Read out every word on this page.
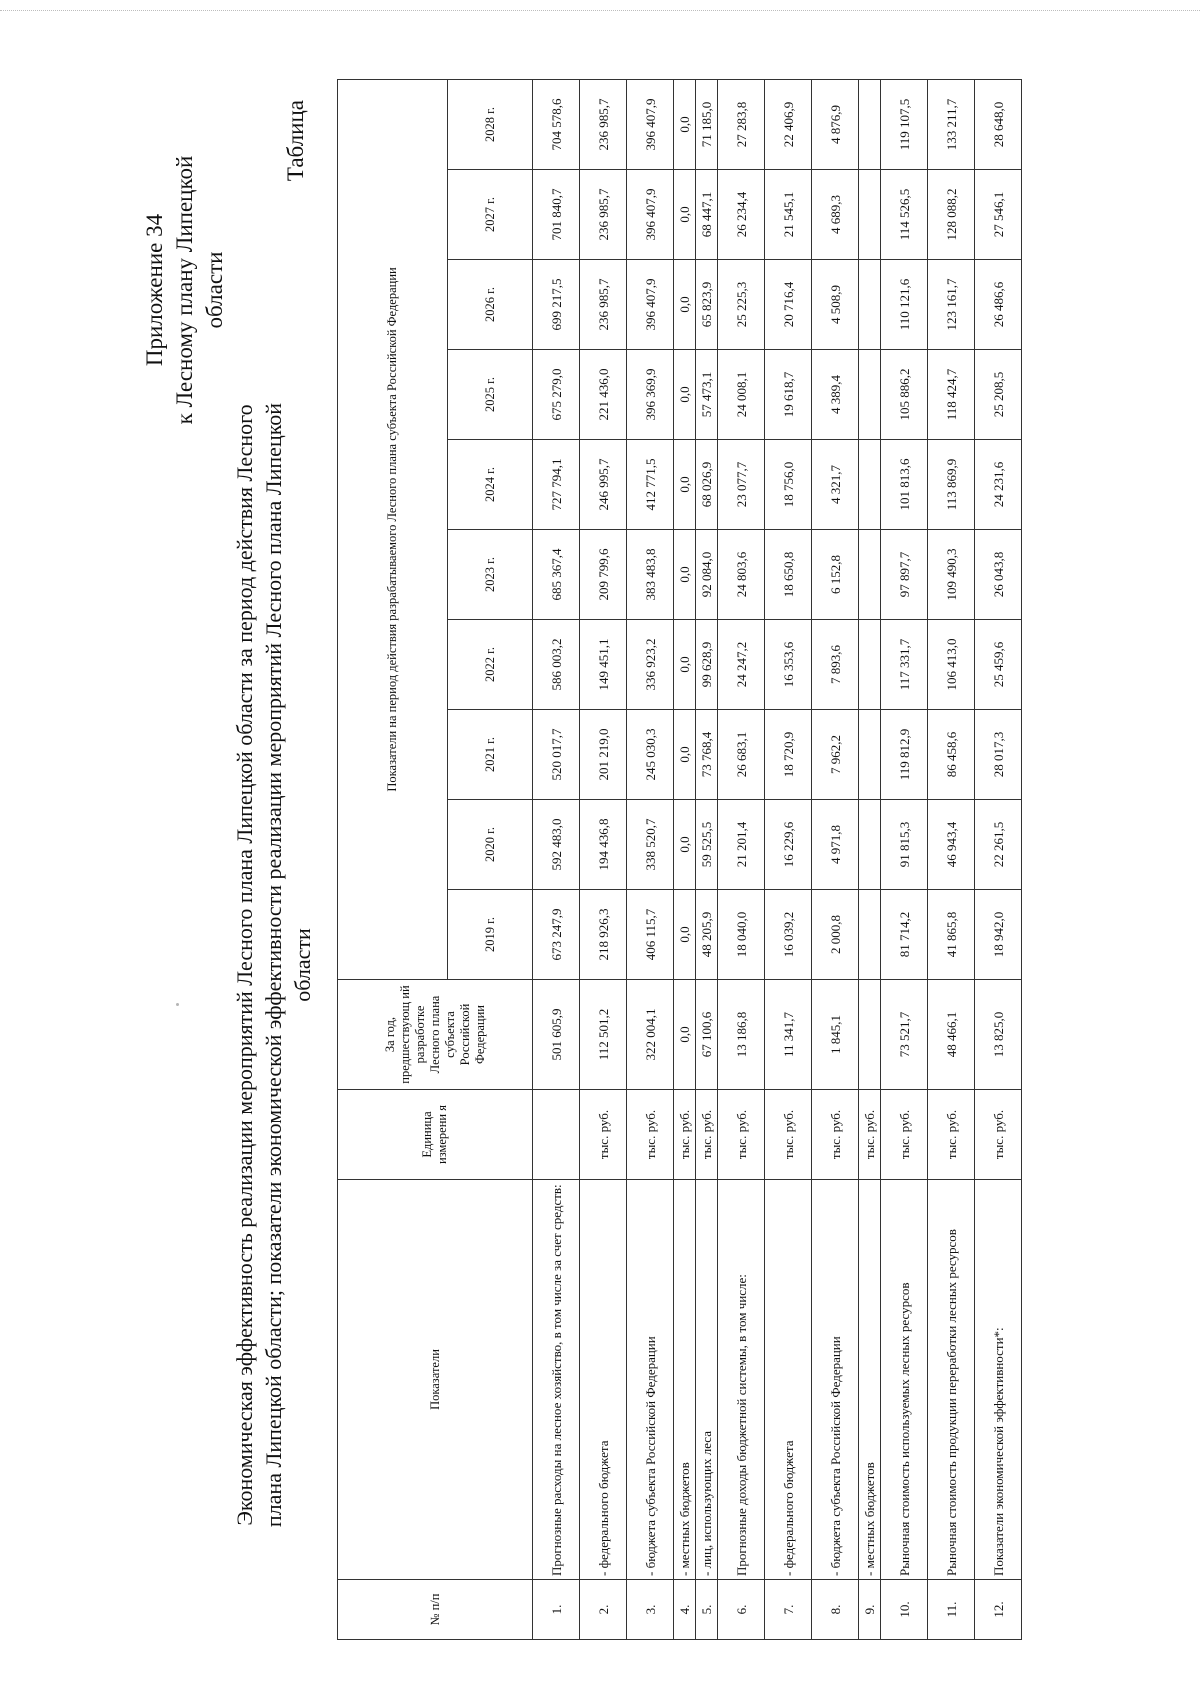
Приложение 34 к Лесному плану Липецкой области
Экономическая эффективность реализации мероприятий Лесного плана Липецкой области за период действия Лесного плана Липецкой области; показатели экономической эффективности реализации мероприятий Лесного плана Липецкой области
Таблица
№ п/п	Показатели	Единица измерени я	За год, предшествующ ий разработке Лесного плана субъекта Российской Федерации	Показатели на период действия разрабатываемого Лесного плана субъекта Российской Федерации									
				2019 г.	2020 г.	2021 г.	2022 г.	2023 г.	2024 г.	2025 г.	2026 г.	2027 г.	2028 г.
1.	Прогнозные расходы на лесное хозяйство, в том числе за счет средств:		501 605,9	673 247,9	592 483,0	520 017,7	586 003,2	685 367,4	727 794,1	675 279,0	699 217,5	701 840,7	704 578,6
2.	- федерального бюджета	тыс. руб.	112 501,2	218 926,3	194 436,8	201 219,0	149 451,1	209 799,6	246 995,7	221 436,0	236 985,7	236 985,7	236 985,7
3.	- бюджета субъекта Российской Федерации	тыс. руб.	322 004,1	406 115,7	338 520,7	245 030,3	336 923,2	383 483,8	412 771,5	396 369,9	396 407,9	396 407,9	396 407,9
4.	- местных бюджетов	тыс. руб.	0,0	0,0	0,0	0,0	0,0	0,0	0,0	0,0	0,0	0,0	0,0
5.	- лиц, использующих леса	тыс. руб.	67 100,6	48 205,9	59 525,5	73 768,4	99 628,9	92 084,0	68 026,9	57 473,1	65 823,9	68 447,1	71 185,0
6.	Прогнозные доходы бюджетной системы, в том числе:	тыс. руб.	13 186,8	18 040,0	21 201,4	26 683,1	24 247,2	24 803,6	23 077,7	24 008,1	25 225,3	26 234,4	27 283,8
7.	- федерального бюджета	тыс. руб.	11 341,7	16 039,2	16 229,6	18 720,9	16 353,6	18 650,8	18 756,0	19 618,7	20 716,4	21 545,1	22 406,9
8.	- бюджета субъекта Российской Федерации	тыс. руб.	1 845,1	2 000,8	4 971,8	7 962,2	7 893,6	6 152,8	4 321,7	4 389,4	4 508,9	4 689,3	4 876,9
9.	- местных бюджетов	тыс. руб.											
10.	Рыночная стоимость используемых лесных ресурсов	тыс. руб.	73 521,7	81 714,2	91 815,3	119 812,9	117 331,7	97 897,7	101 813,6	105 886,2	110 121,6	114 526,5	119 107,5
11.	Рыночная стоимость продукции переработки лесных ресурсов	тыс. руб.	48 466,1	41 865,8	46 943,4	86 458,6	106 413,0	109 490,3	113 869,9	118 424,7	123 161,7	128 088,2	133 211,7
12.	Показатели экономической эффективности*:	тыс. руб.	13 825,0	18 942,0	22 261,5	28 017,3	25 459,6	26 043,8	24 231,6	25 208,5	26 486,6	27 546,1	28 648,0
